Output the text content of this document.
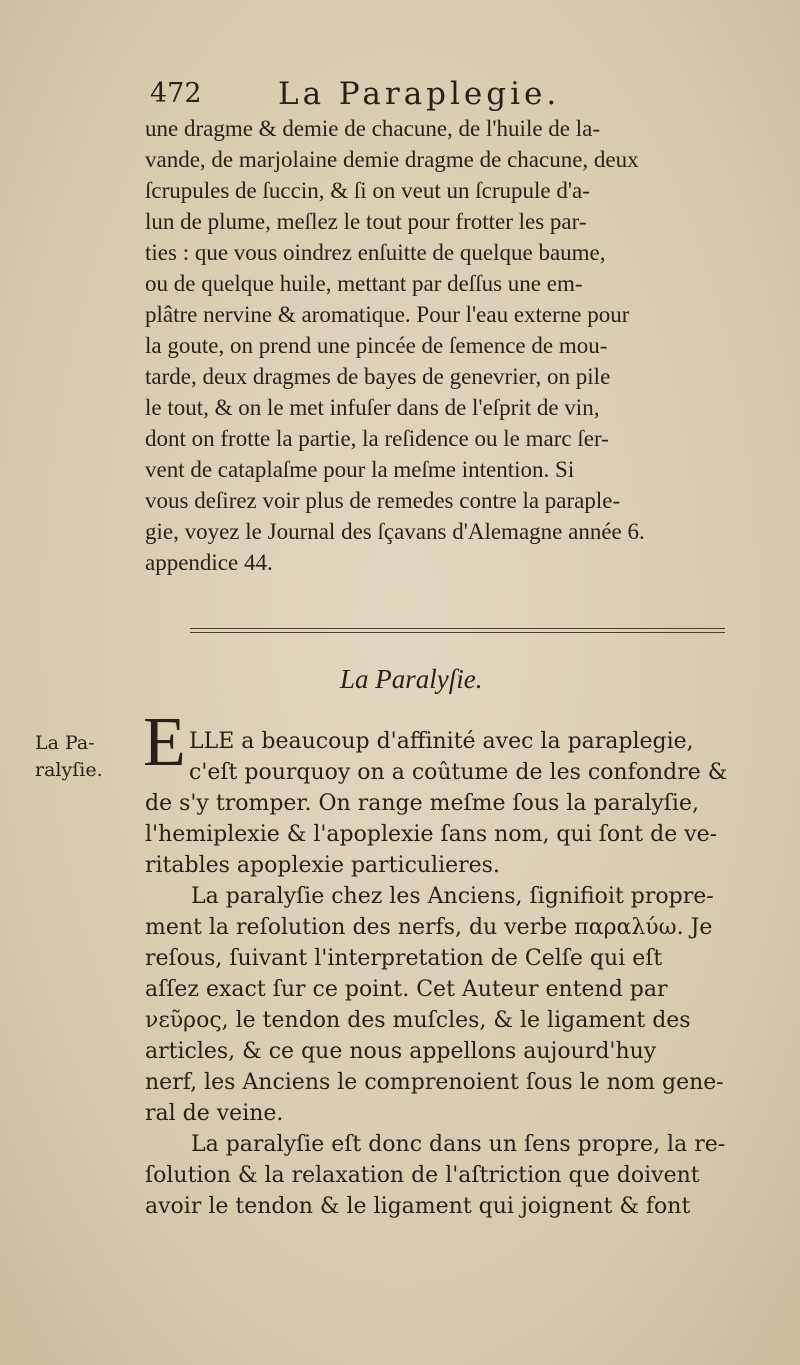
472 La Paraplegie.
une dragme & demie de chacune, de l'huile de la-
vande, de marjolaine demie dragme de chacune, deux
ſcrupules de ſuccin, & ſi on veut un ſcrupule d'a-
lun de plume, meſlez le tout pour frotter les par-
ties : que vous oindrez enſuitte de quelque baume,
ou de quelque huile, mettant par deſſus une em-
plâtre nervine & aromatique. Pour l'eau externe pour
la goute, on prend une pincée de ſemence de mou-
tarde, deux dragmes de bayes de genevrier, on pile
le tout, & on le met infuſer dans de l'eſprit de vin,
dont on frotte la partie, la reſidence ou le marc ſer-
vent de cataplaſme pour la meſme intention. Si
vous deſirez voir plus de remedes contre la paraple-
gie, voyez le Journal des ſçavans d'Alemagne année 6.
appendice 44.
La Paralyſie.
La Pa-
ralyſie. E LLE a beaucoup d'affinité avec la paraplegie,
c'eſt pourquoy on a coûtume de les confondre &
de s'y tromper. On range meſme ſous la paralyſie,
l'hemiplexie & l'apoplexie ſans nom, qui ſont de ve-
ritables apoplexie particulieres.
La paralyſie chez les Anciens, ſignifioit propre-
ment la reſolution des nerfs, du verbe παραλύω. Je
reſous, ſuivant l'interpretation de Celſe qui eſt
aſſez exact ſur ce point. Cet Auteur entend par
νεῦρος, le tendon des muſcles, & le ligament des
articles, & ce que nous appellons aujourd'huy
nerf, les Anciens le comprenoient ſous le nom gene-
ral de veine.
La paralyſie eſt donc dans un ſens propre, la re-
ſolution & la relaxation de l'aſtriction que doivent
avoir le tendon & le ligament qui joignent & font
